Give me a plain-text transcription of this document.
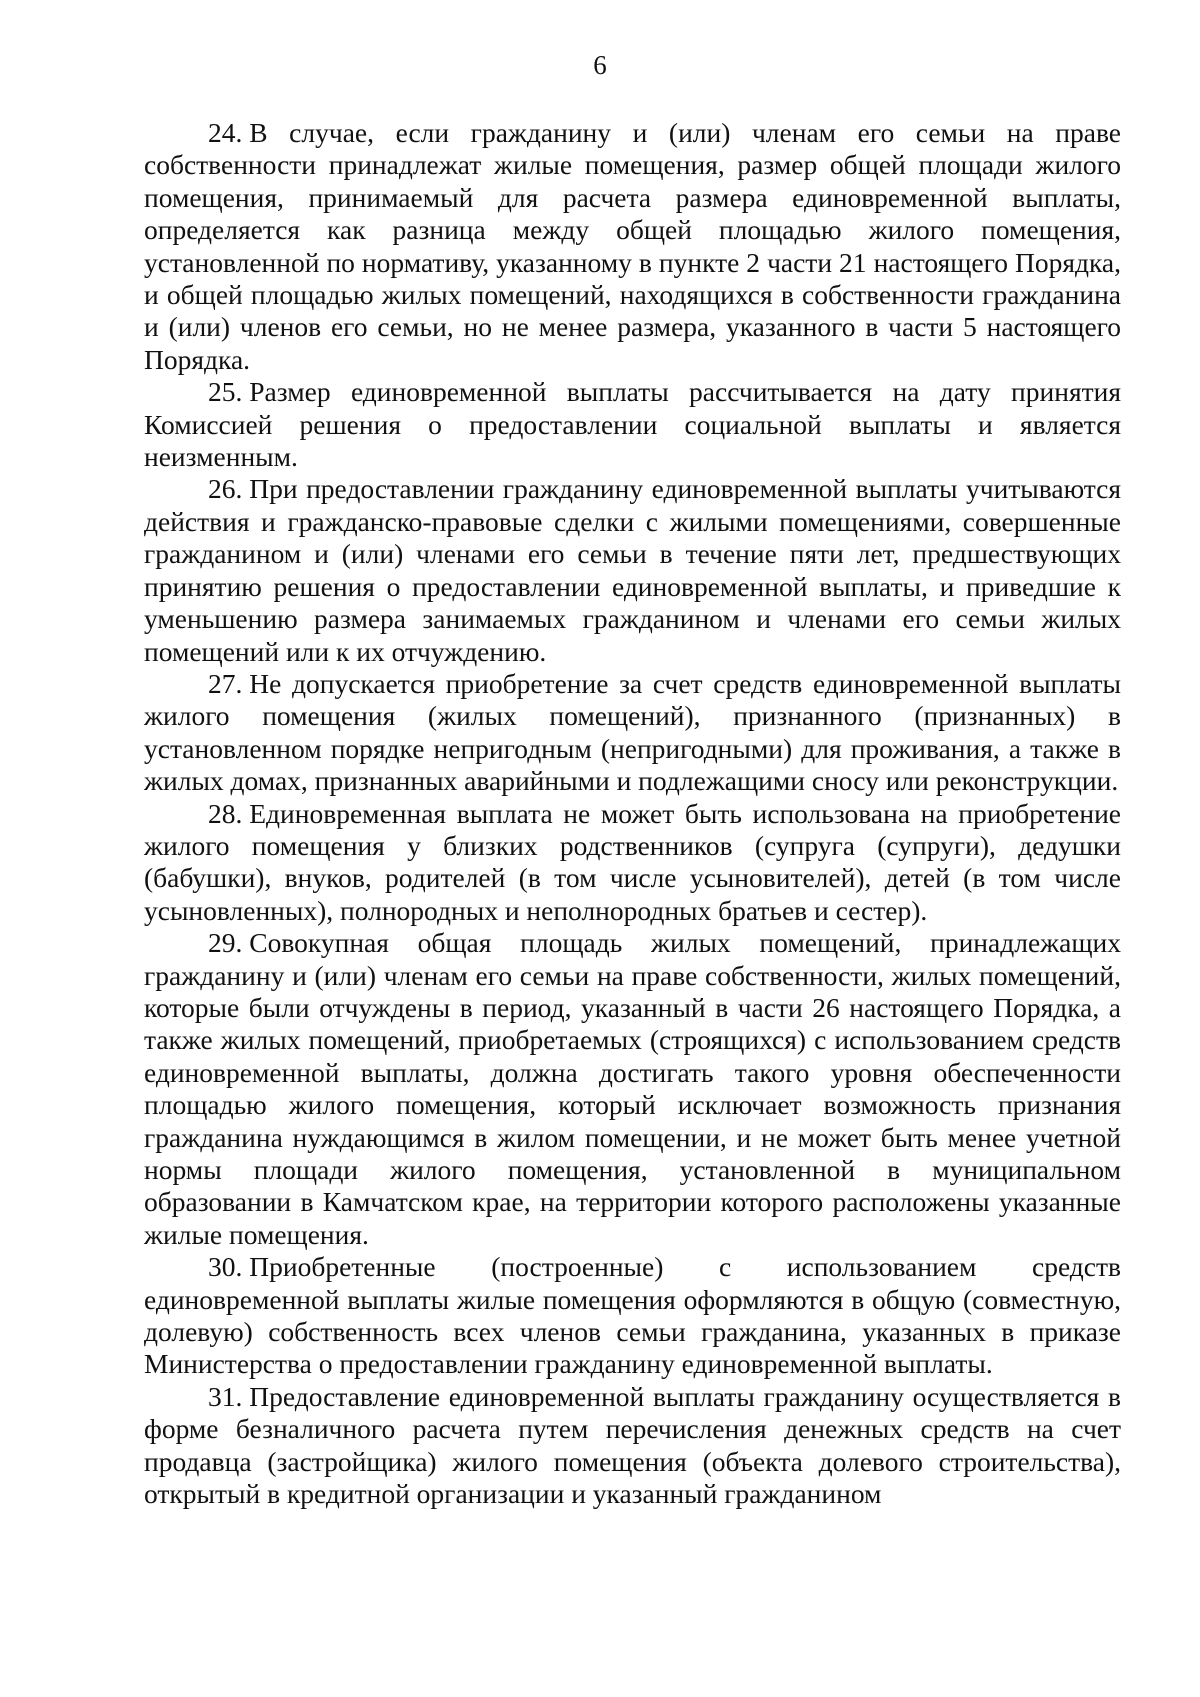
6

24. В случае, если гражданину и (или) членам его семьи на праве собственности принадлежат жилые помещения, размер общей площади жилого помещения, принимаемый для расчета размера единовременной выплаты, определяется как разница между общей площадью жилого помещения, установленной по нормативу, указанному в пункте 2 части 21 настоящего Порядка, и общей площадью жилых помещений, находящихся в собственности гражданина и (или) членов его семьи, но не менее размера, указанного в части 5 настоящего Порядка.

25. Размер единовременной выплаты рассчитывается на дату принятия Комиссией решения о предоставлении социальной выплаты и является неизменным.

26. При предоставлении гражданину единовременной выплаты учитываются действия и гражданско-правовые сделки с жилыми помещениями, совершенные гражданином и (или) членами его семьи в течение пяти лет, предшествующих принятию решения о предоставлении единовременной выплаты, и приведшие к уменьшению размера занимаемых гражданином и членами его семьи жилых помещений или к их отчуждению.

27. Не допускается приобретение за счет средств единовременной выплаты жилого помещения (жилых помещений), признанного (признанных) в установленном порядке непригодным (непригодными) для проживания, а также в жилых домах, признанных аварийными и подлежащими сносу или реконструкции.

28. Единовременная выплата не может быть использована на приобретение жилого помещения у близких родственников (супруга (супруги), дедушки (бабушки), внуков, родителей (в том числе усыновителей), детей (в том числе усыновленных), полнородных и неполнородных братьев и сестер).

29. Совокупная общая площадь жилых помещений, принадлежащих гражданину и (или) членам его семьи на праве собственности, жилых помещений, которые были отчуждены в период, указанный в части 26 настоящего Порядка, а также жилых помещений, приобретаемых (строящихся) с использованием средств единовременной выплаты, должна достигать такого уровня обеспеченности площадью жилого помещения, который исключает возможность признания гражданина нуждающимся в жилом помещении, и не может быть менее учетной нормы площади жилого помещения, установленной в муниципальном образовании в Камчатском крае, на территории которого расположены указанные жилые помещения.

30. Приобретенные (построенные) с использованием средств единовременной выплаты жилые помещения оформляются в общую (совместную, долевую) собственность всех членов семьи гражданина, указанных в приказе Министерства о предоставлении гражданину единовременной выплаты.

31. Предоставление единовременной выплаты гражданину осуществляется в форме безналичного расчета путем перечисления денежных средств на счет продавца (застройщика) жилого помещения (объекта долевого строительства), открытый в кредитной организации и указанный гражданином
